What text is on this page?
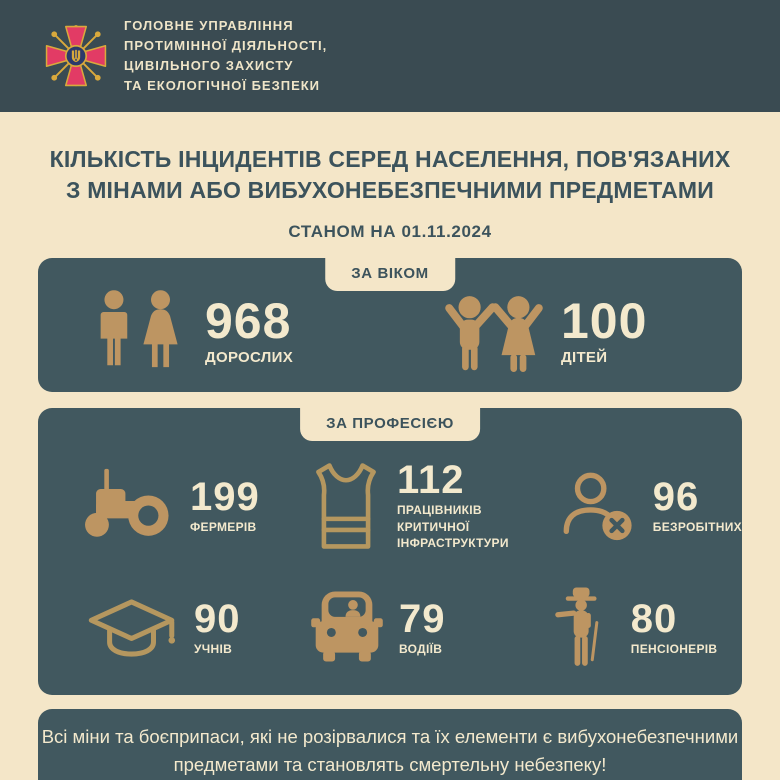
ГОЛОВНЕ УПРАВЛІННЯ
ПРОТИМІННОЇ ДІЯЛЬНОСТІ,
ЦИВІЛЬНОГО ЗАХИСТУ
ТА ЕКОЛОГІЧНОЇ БЕЗПЕКИ
КІЛЬКІСТЬ ІНЦИДЕНТІВ СЕРЕД НАСЕЛЕННЯ, ПОВ'ЯЗАНИХ
З МІНАМИ АБО ВИБУХОНЕБЕЗПЕЧНИМИ ПРЕДМЕТАМИ
СТАНОМ НА 01.11.2024
ЗА ВІКОМ
968
ДОРОСЛИХ
100
ДІТЕЙ
ЗА ПРОФЕСІЄЮ
199
ФЕРМЕРІВ
112
ПРАЦІВНИКІВ КРИТИЧНОЇ ІНФРАСТРУКТУРИ
96
БЕЗРОБІТНИХ
90
УЧНІВ
79
ВОДІЇВ
80
ПЕНСІОНЕРІВ
Всі міни та боєприпаси, які не розірвалися та їх елементи є вибухонебезпечними
предметами та становлять смертельну небезпеку!
